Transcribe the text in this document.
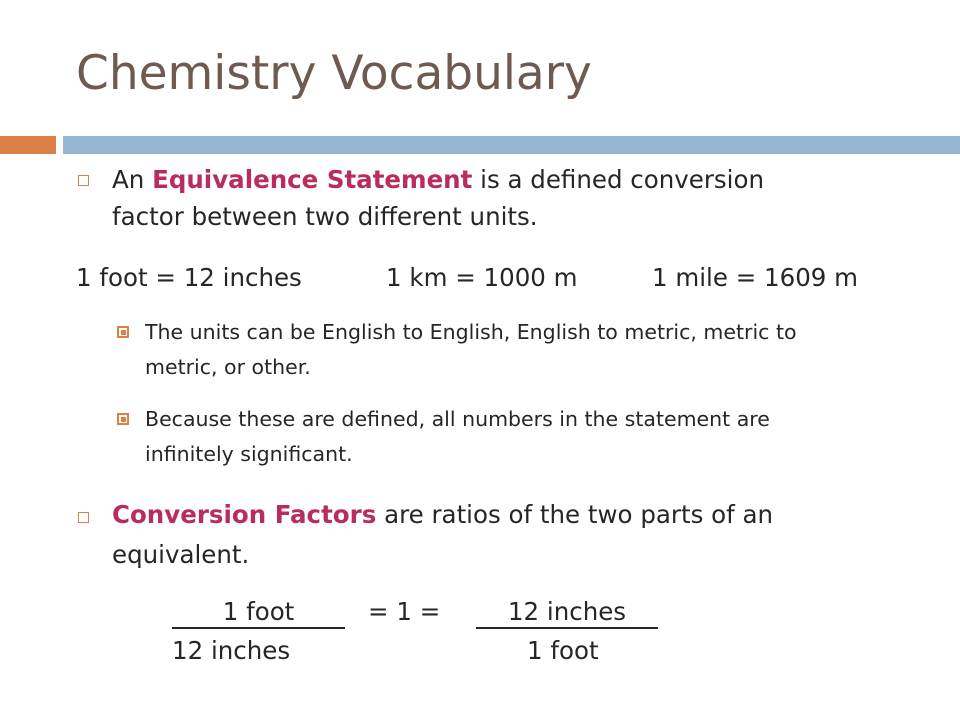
Chemistry Vocabulary

An Equivalence Statement is a defined conversion

factor between two different units.

1 foot = 12 inches	1 km = 1000 m	1 mile = 1609 m

The units can be English to English, English to metric, metric to

metric, or other.

Because these are defined, all numbers in the statement are

infinitely significant.

Conversion Factors are ratios of the two parts of an

equivalent.

1 foot
12 inches
= 1 =	12 inches
1 foot
